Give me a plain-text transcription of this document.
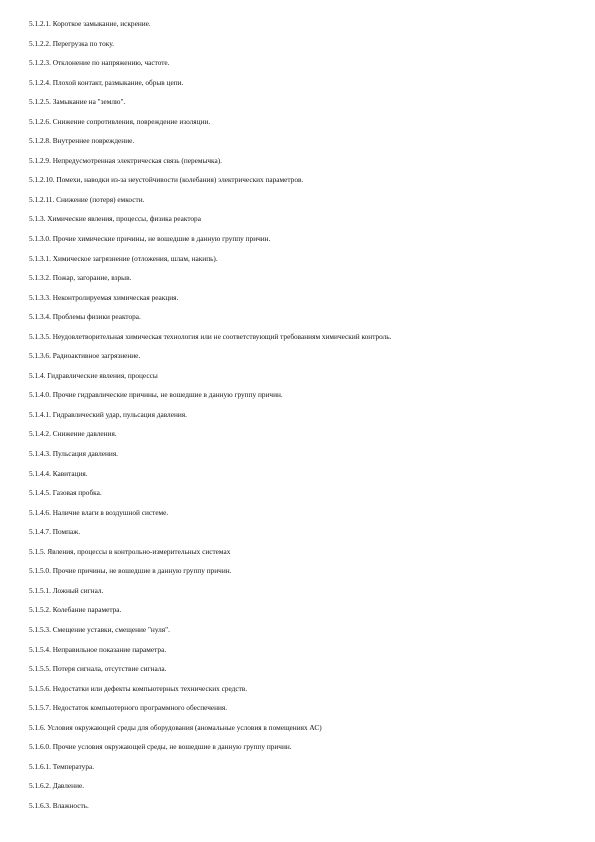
5.1.2.1. Короткое замыкание, искрение.
5.1.2.2. Перегрузка по току.
5.1.2.3. Отклонение по напряжению, частоте.
5.1.2.4. Плохой контакт, размыкание, обрыв цепи.
5.1.2.5. Замыкание на "землю".
5.1.2.6. Снижение сопротивления, повреждение изоляции.
5.1.2.8. Внутреннее повреждение.
5.1.2.9. Непредусмотренная электрическая связь (перемычка).
5.1.2.10. Помехи, наводки из-за неустойчивости (колебания) электрических параметров.
5.1.2.11. Снижение (потеря) емкости.
5.1.3. Химические явления, процессы, физика реактора
5.1.3.0. Прочие химические причины, не вошедшие в данную группу причин.
5.1.3.1. Химическое загрязнение (отложения, шлам, накипь).
5.1.3.2. Пожар, загорание, взрыв.
5.1.3.3. Неконтролируемая химическая реакция.
5.1.3.4. Проблемы физики реактора.
5.1.3.5. Неудовлетворительная химическая технология или не соответствующий требованиям химический контроль.
5.1.3.6. Радиоактивное загрязнение.
5.1.4. Гидравлические явления, процессы
5.1.4.0. Прочие гидравлические причины, не вошедшие в данную группу причин.
5.1.4.1. Гидравлический удар, пульсация давления.
5.1.4.2. Снижение давления.
5.1.4.3. Пульсация давления.
5.1.4.4. Кавитация.
5.1.4.5. Газовая пробка.
5.1.4.6. Наличие влаги в воздушной системе.
5.1.4.7. Помпаж.
5.1.5. Явления, процессы в контрольно-измерительных системах
5.1.5.0. Прочие причины, не вошедшие в данную группу причин.
5.1.5.1. Ложный сигнал.
5.1.5.2. Колебание параметра.
5.1.5.3. Смещение уставки, смещение "нуля".
5.1.5.4. Неправильное показание параметра.
5.1.5.5. Потеря сигнала, отсутствие сигнала.
5.1.5.6. Недостатки или дефекты компьютерных технических средств.
5.1.5.7. Недостаток компьютерного программного обеспечения.
5.1.6. Условия окружающей среды для оборудования (аномальные условия в помещениях АС)
5.1.6.0. Прочие условия окружающей среды, не вошедшие в данную группу причин.
5.1.6.1. Температура.
5.1.6.2. Давление.
5.1.6.3. Влажность.
